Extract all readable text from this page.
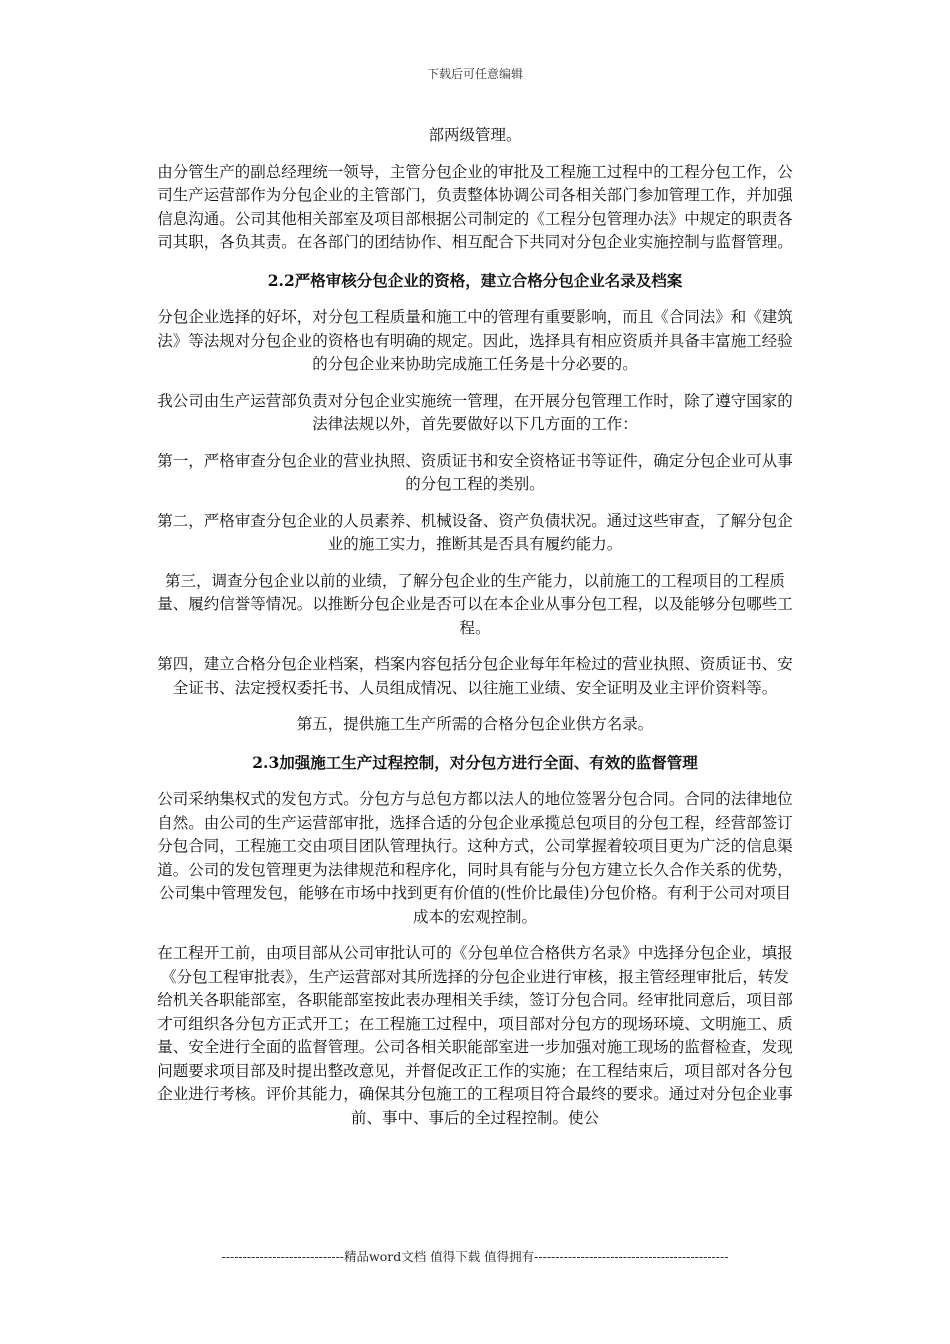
下载后可任意编辑

部两级管理。

由分管生产的副总经理统一领导，主管分包企业的审批及工程施工过程中的工程分包工作，公司生产运营部作为分包企业的主管部门，负责整体协调公司各相关部门参加管理工作，并加强信息沟通。公司其他相关部室及项目部根据公司制定的《工程分包管理办法》中规定的职责各司其职，各负其责。在各部门的团结协作、相互配合下共同对分包企业实施控制与监督管理。

2.2严格审核分包企业的资格，建立合格分包企业名录及档案

分包企业选择的好坏，对分包工程质量和施工中的管理有重要影响，而且《合同法》和《建筑法》等法规对分包企业的资格也有明确的规定。因此，选择具有相应资质并具备丰富施工经验的分包企业来协助完成施工任务是十分必要的。

我公司由生产运营部负责对分包企业实施统一管理，在开展分包管理工作时，除了遵守国家的法律法规以外，首先要做好以下几方面的工作：

第一，严格审查分包企业的营业执照、资质证书和安全资格证书等证件，确定分包企业可从事的分包工程的类别。

第二，严格审查分包企业的人员素养、机械设备、资产负债状况。通过这些审查，了解分包企业的施工实力，推断其是否具有履约能力。

第三，调查分包企业以前的业绩，了解分包企业的生产能力，以前施工的工程项目的工程质量、履约信誉等情况。以推断分包企业是否可以在本企业从事分包工程，以及能够分包哪些工程。

第四，建立合格分包企业档案，档案内容包括分包企业每年年检过的营业执照、资质证书、安全证书、法定授权委托书、人员组成情况、以往施工业绩、安全证明及业主评价资料等。

第五，提供施工生产所需的合格分包企业供方名录。

2.3加强施工生产过程控制，对分包方进行全面、有效的监督管理

公司采纳集权式的发包方式。分包方与总包方都以法人的地位签署分包合同。合同的法律地位自然。由公司的生产运营部审批，选择合适的分包企业承揽总包项目的分包工程，经营部签订分包合同，工程施工交由项目团队管理执行。这种方式，公司掌握着较项目更为广泛的信息渠道。公司的发包管理更为法律规范和程序化，同时具有能与分包方建立长久合作关系的优势，公司集中管理发包，能够在市场中找到更有价值的(性价比最佳)分包价格。有利于公司对项目成本的宏观控制。

在工程开工前，由项目部从公司审批认可的《分包单位合格供方名录》中选择分包企业，填报《分包工程审批表》，生产运营部对其所选择的分包企业进行审核，报主管经理审批后，转发给机关各职能部室，各职能部室按此表办理相关手续，签订分包合同。经审批同意后，项目部才可组织各分包方正式开工；在工程施工过程中，项目部对分包方的现场环境、文明施工、质量、安全进行全面的监督管理。公司各相关职能部室进一步加强对施工现场的监督检查，发现问题要求项目部及时提出整改意见，并督促改正工作的实施；在工程结束后，项目部对各分包企业进行考核。评价其能力，确保其分包施工的工程项目符合最终的要求。通过对分包企业事前、事中、事后的全过程控制。使公

-----------------------------精品word文档 值得下载 值得拥有----------------------------------------------
